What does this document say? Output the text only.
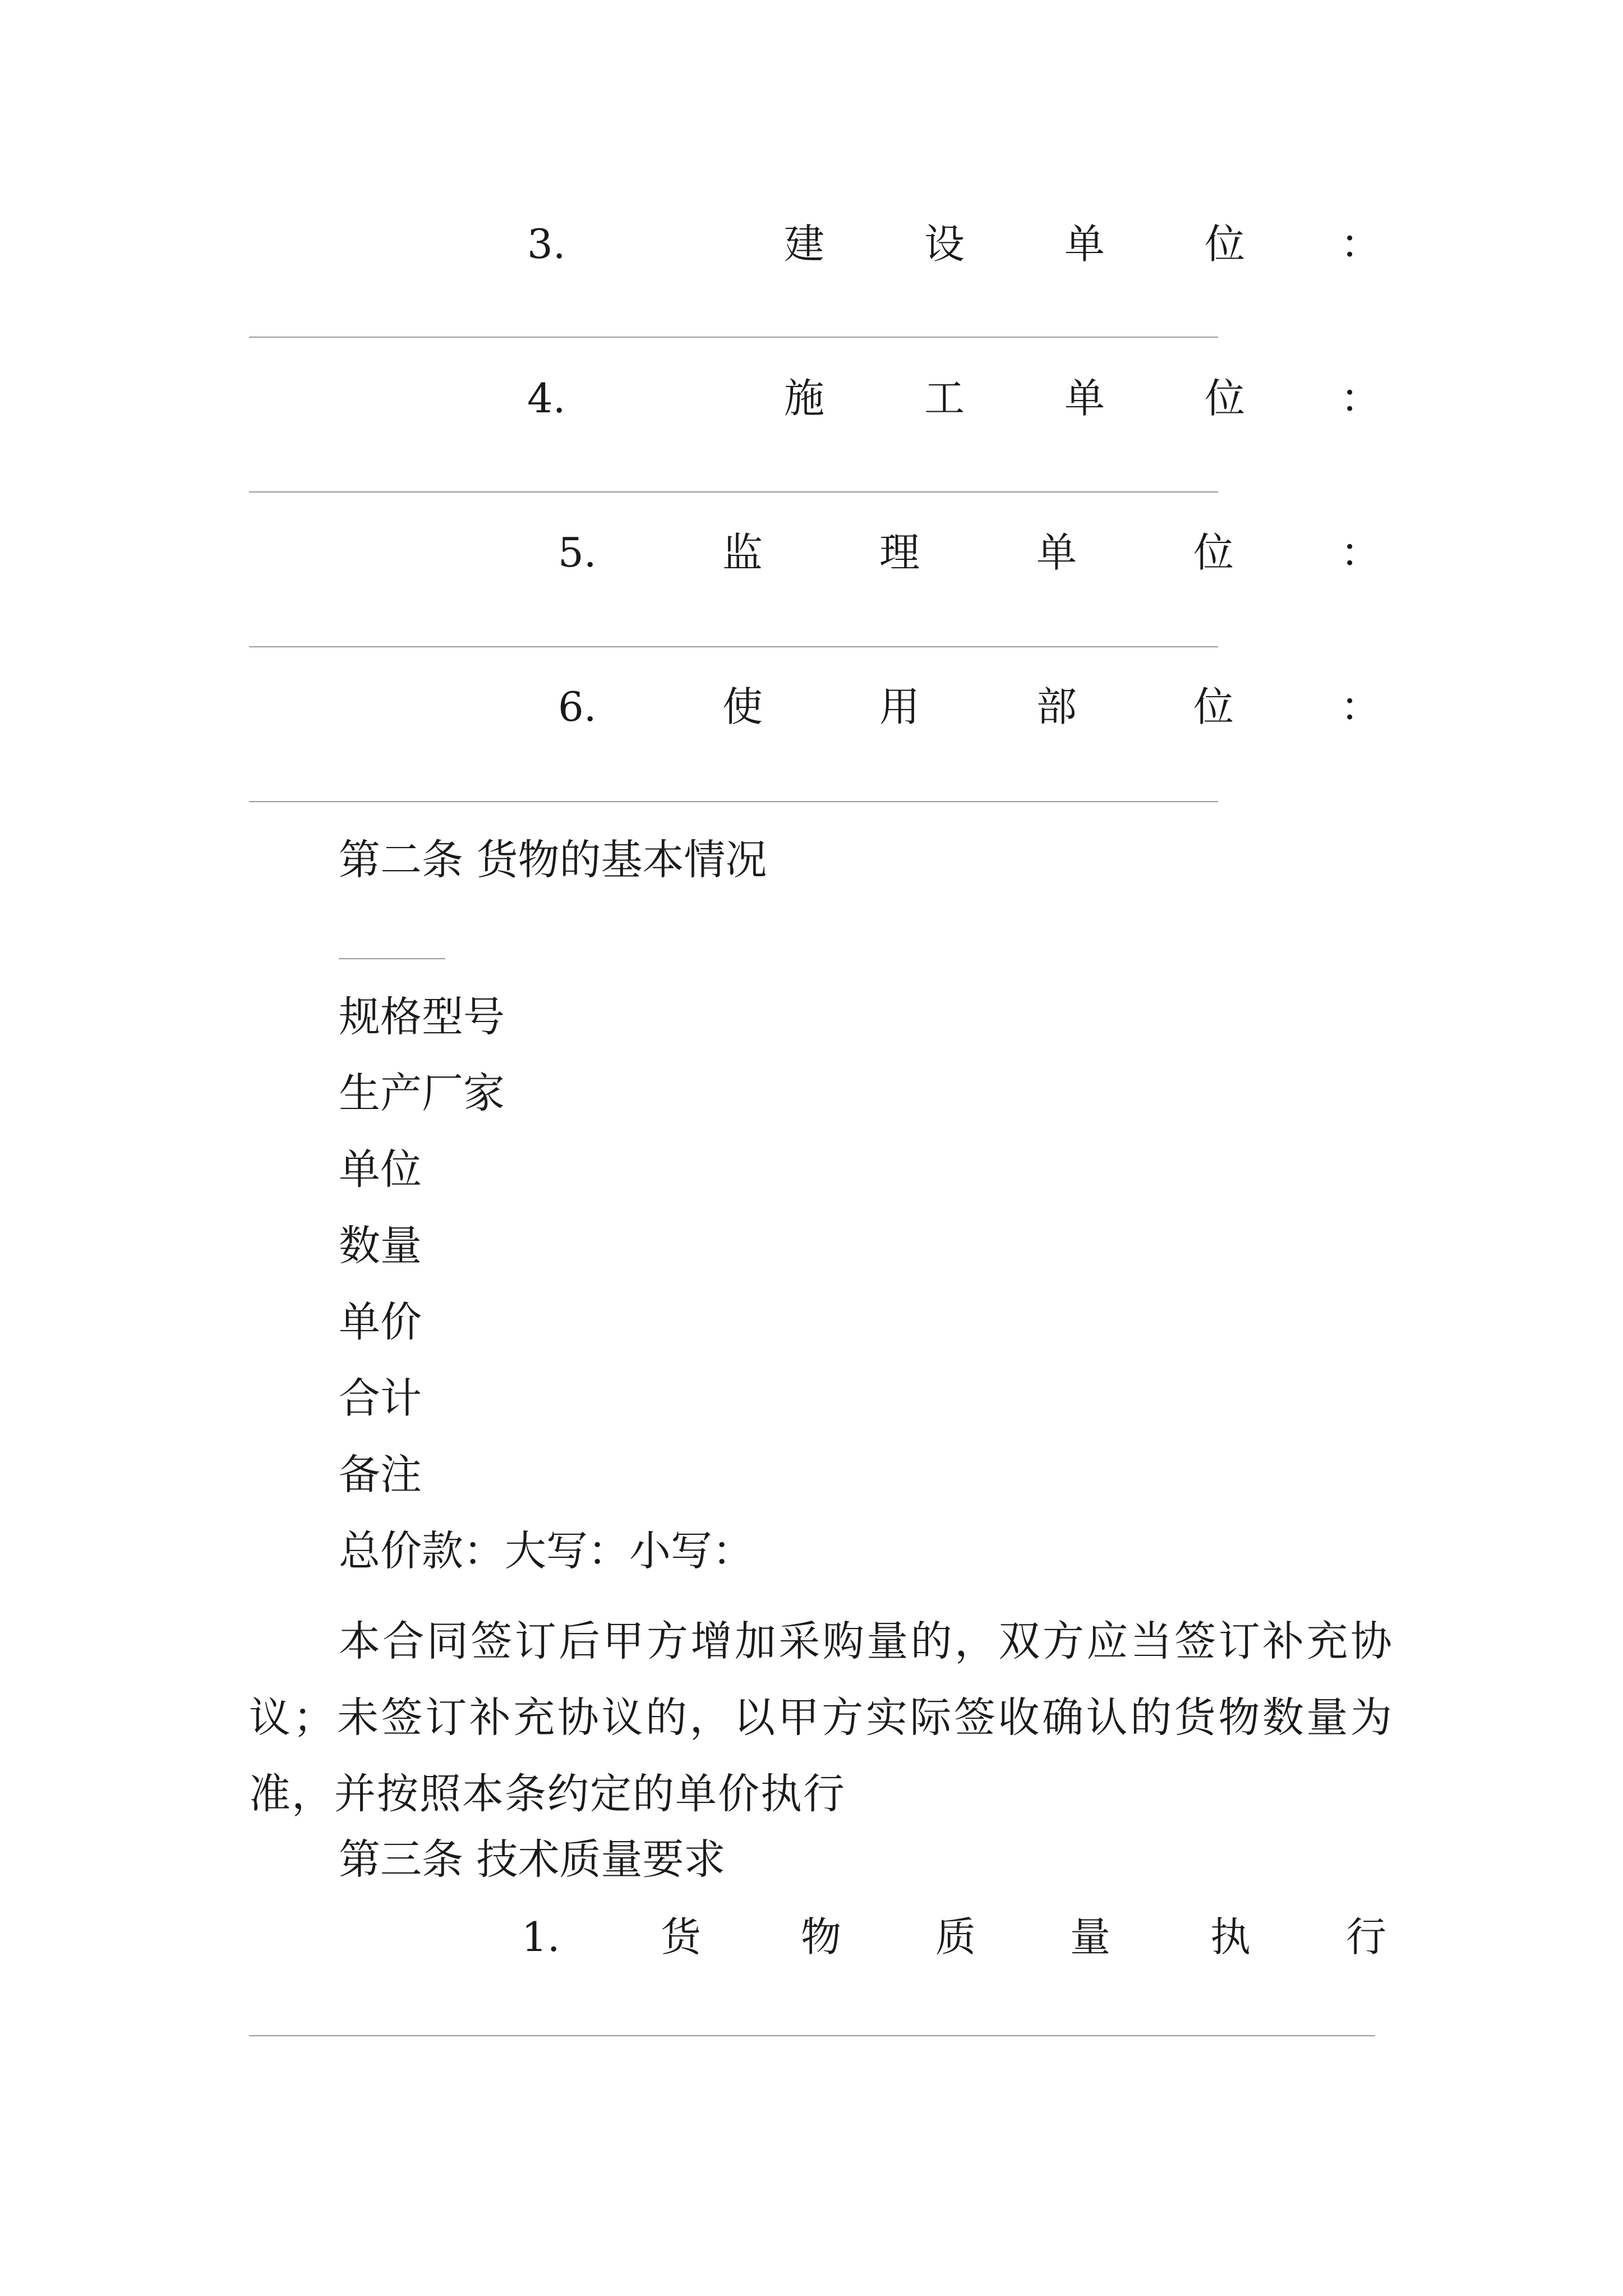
3.	建 设 单 位 ：
4.	施 工 单 位 ：
5.	监	理	单	位	：
6.	使	用	部	位	：
第二条 货物的基本情况
规格型号
生产厂家
单位
数量
单价
合计
备注
总价款：大写：小写：
本合同签订后甲方增加采购量的，双方应当签订补充协议；未签订补充协议的，以甲方实际签收确认的货物数量为准，并按照本条约定的单价执行
第三条 技术质量要求
1. 货 物 质 量 执 行
